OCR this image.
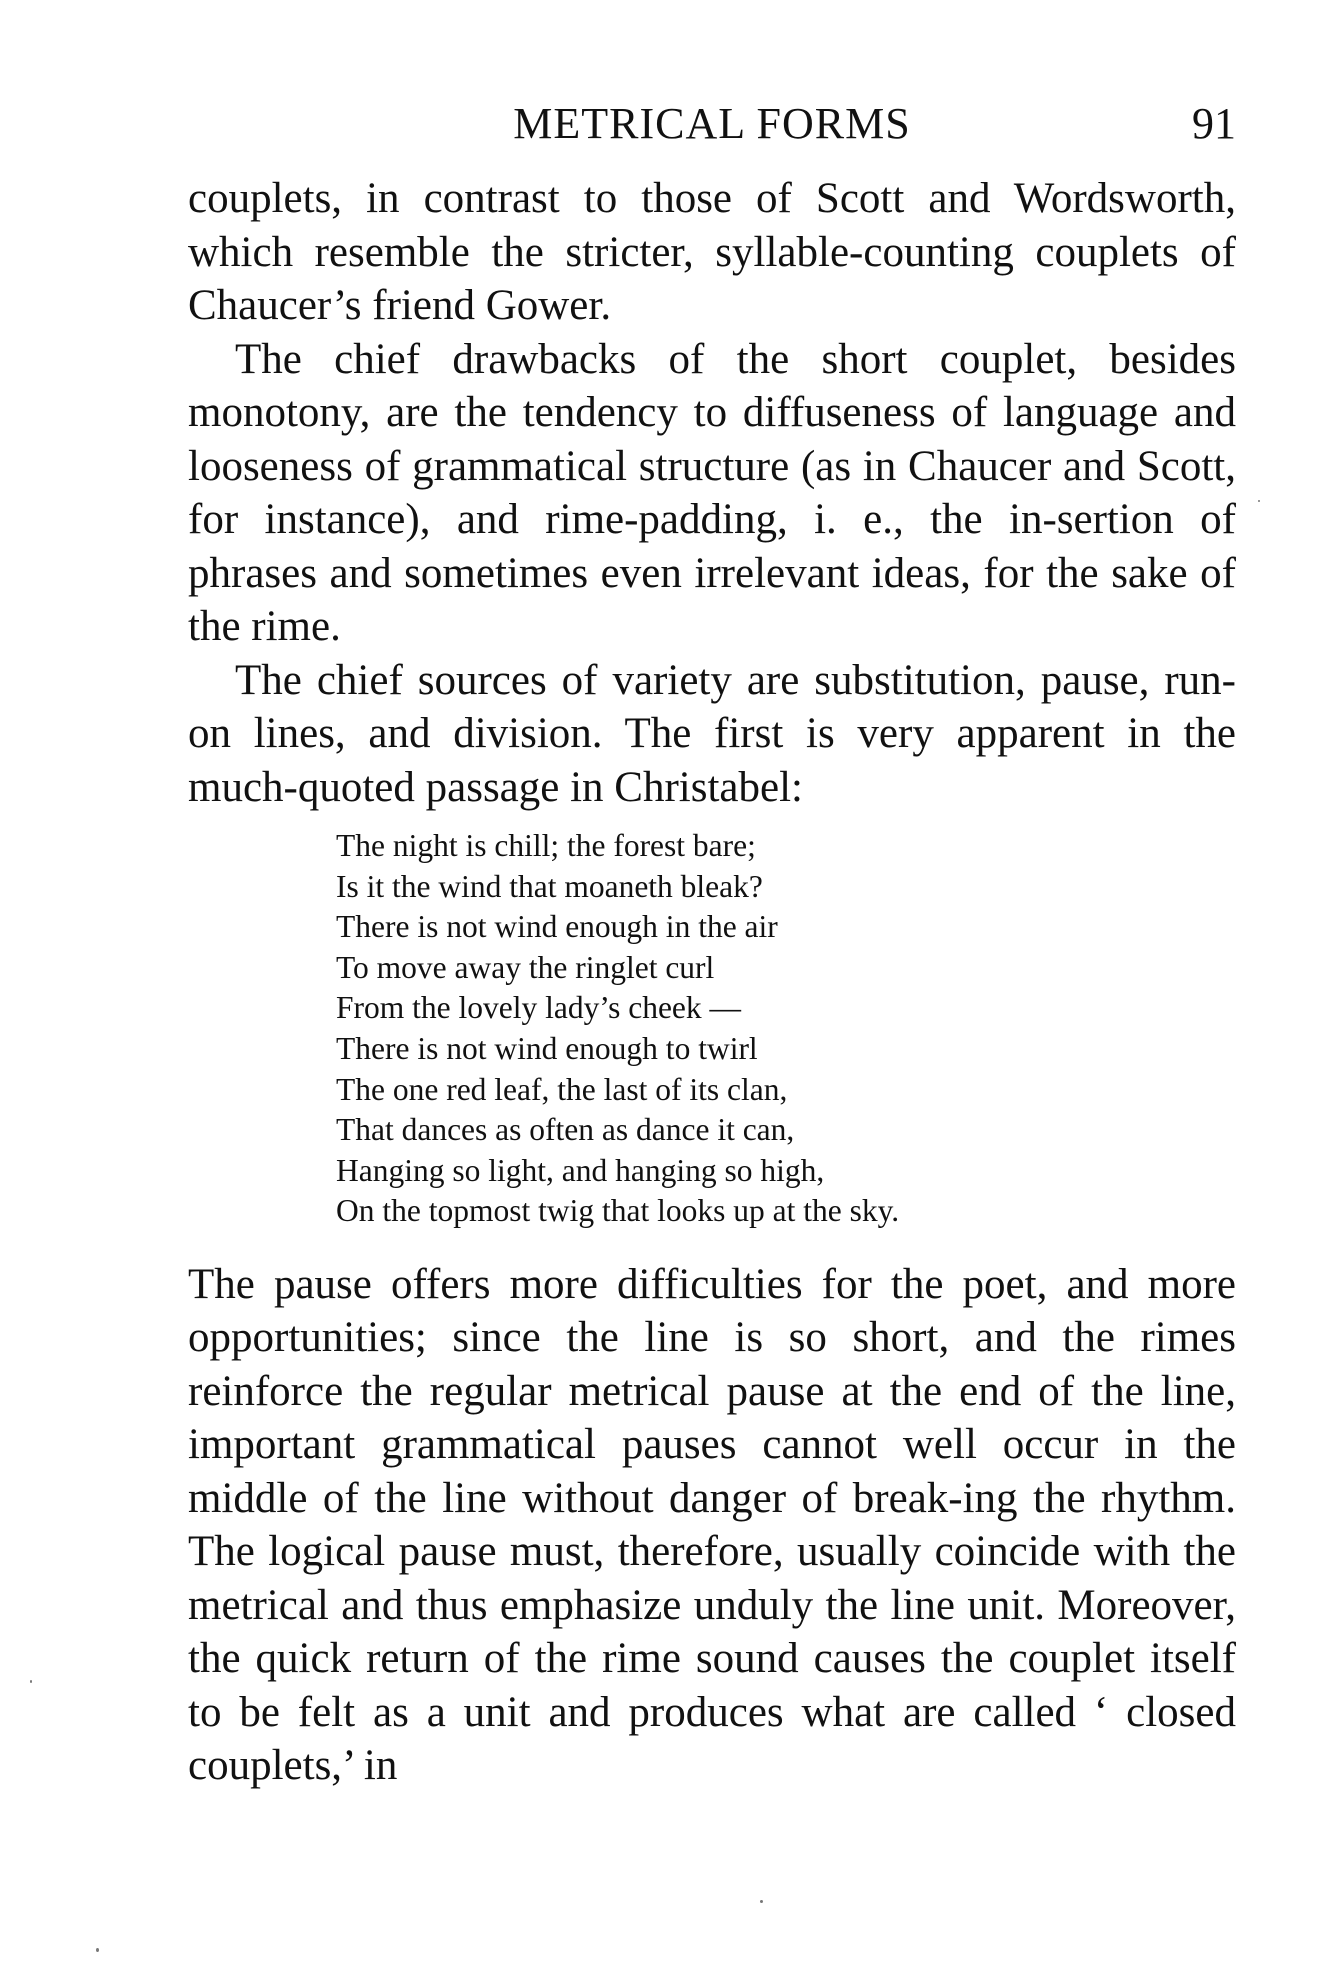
METRICAL FORMS	91

couplets, in contrast to those of Scott and Wordsworth, which resemble the stricter, syllable-counting couplets of Chaucer’s friend Gower.

The chief drawbacks of the short couplet, besides monotony, are the tendency to diffuseness of language and looseness of grammatical structure (as in Chaucer and Scott, for instance), and rime-padding, i. e., the in-sertion of phrases and sometimes even irrelevant ideas, for the sake of the rime.

The chief sources of variety are substitution, pause, run-on lines, and division. The first is very apparent in the much-quoted passage in Christabel:

The night is chill; the forest bare;
Is it the wind that moaneth bleak?
There is not wind enough in the air
To move away the ringlet curl
From the lovely lady’s cheek —
There is not wind enough to twirl
The one red leaf, the last of its clan,
That dances as often as dance it can,
Hanging so light, and hanging so high,
On the topmost twig that looks up at the sky.

The pause offers more difficulties for the poet, and more opportunities; since the line is so short, and the rimes reinforce the regular metrical pause at the end of the line, important grammatical pauses cannot well occur in the middle of the line without danger of break-ing the rhythm. The logical pause must, therefore, usually coincide with the metrical and thus emphasize unduly the line unit. Moreover, the quick return of the rime sound causes the couplet itself to be felt as a unit and produces what are called ‘ closed couplets,’ in
